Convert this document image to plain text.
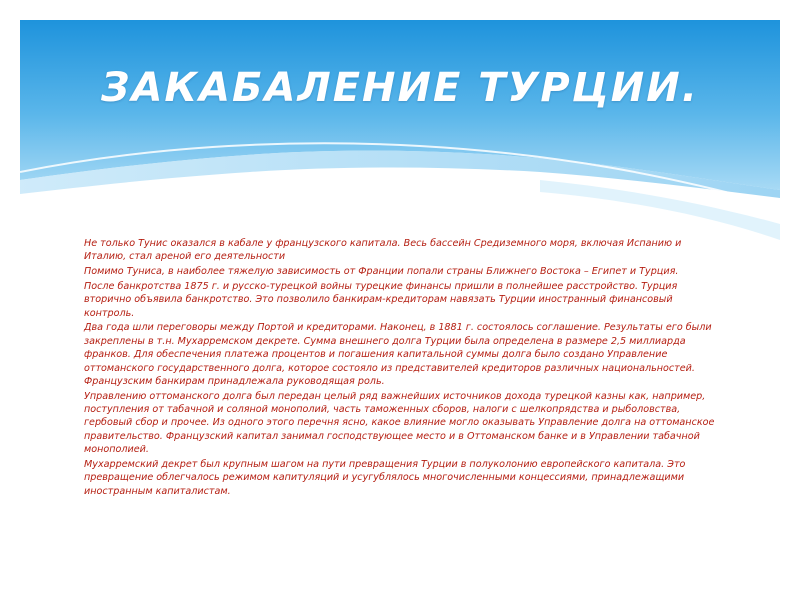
ЗАКАБАЛЕНИЕ ТУРЦИИ.

Не только Тунис оказался в кабале у французского капитала. Весь бассейн Средиземного моря, включая Испанию и Италию, стал ареной его деятельности

Помимо Туниса, в наиболее тяжелую зависимость от Франции попали страны Ближнего Востока – Египет и Турция.

После банкротства 1875 г. и русско-турецкой войны турецкие финансы пришли в полнейшее расстройство. Турция вторично объявила банкротство. Это позволило банкирам-кредиторам навязать Турции иностранный финансовый контроль.

Два года шли переговоры между Портой и кредиторами. Наконец, в 1881 г. состоялось соглашение. Результаты его были закреплены в т.н. Мухарремском декрете. Сумма внешнего долга Турции была определена в размере 2,5 миллиарда франков. Для обеспечения платежа процентов и погашения капитальной суммы долга было создано Управление оттоманского государственного долга, которое состояло из представителей кредиторов различных национальностей. Французским банкирам принадлежала руководящая роль.

Управлению оттоманского долга был передан целый ряд важнейших источников дохода турецкой казны как, например, поступления от табачной и соляной монополий, часть таможенных сборов, налоги с шелкопрядства и рыболовства, гербовый сбор и прочее. Из одного этого перечня ясно, какое влияние могло оказывать Управление долга на оттоманское правительство. Французский капитал занимал господствующее место и в Оттоманском банке и в Управлении табачной монополией.

Мухарремский декрет был крупным шагом на пути превращения Турции в полуколонию европейского капитала. Это превращение облегчалось режимом капитуляций и усугублялось многочисленными концессиями, принадлежащими иностранным капиталистам.
